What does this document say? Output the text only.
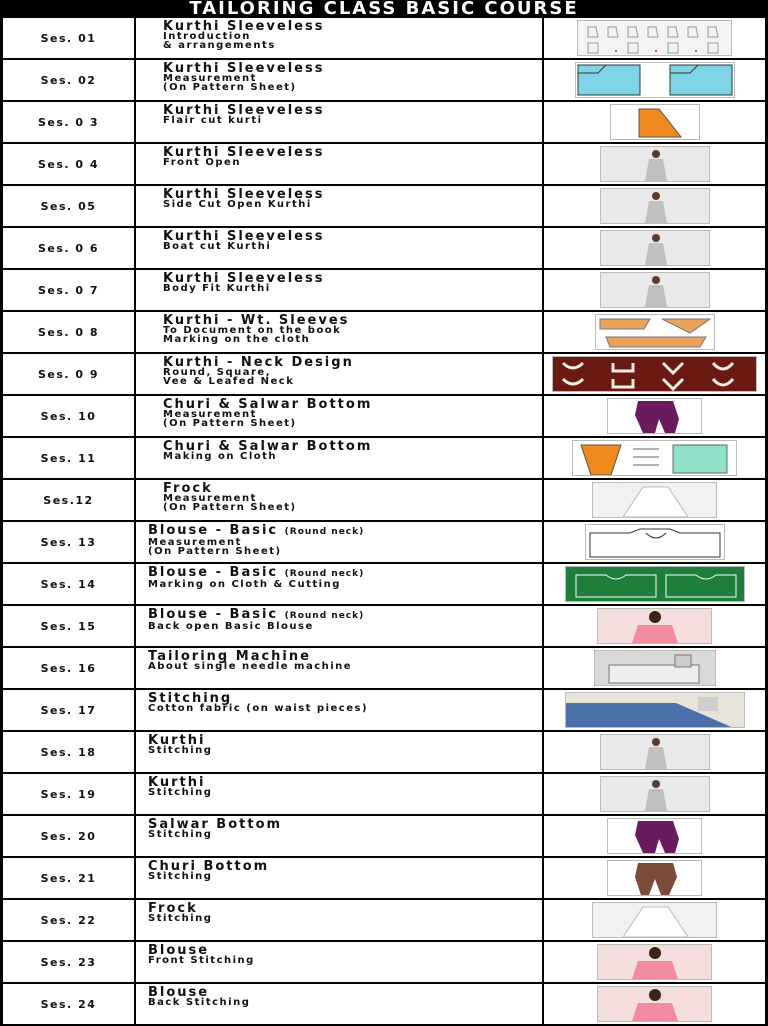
TAILORING CLASS BASIC COURSE
Ses. 01
Kurthi Sleeveless
Introduction
& arrangements
Ses. 02
Kurthi Sleeveless
Measurement
(On Pattern Sheet)
Ses. 0 3
Kurthi Sleeveless
Flair cut kurti
Ses. 0 4
Kurthi Sleeveless
Front Open
Ses. 05
Kurthi Sleeveless
Side Cut Open Kurthi
Ses. 0 6
Kurthi Sleeveless
Boat cut Kurthi
Ses. 0 7
Kurthi Sleeveless
Body Fit Kurthi
Ses. 0 8
Kurthi - Wt. Sleeves
To Document on the book
Marking on the cloth
Ses. 0 9
Kurthi - Neck Design
Round, Square,
Vee & Leafed Neck
Ses. 10
Churi & Salwar Bottom
Measurement
(On Pattern Sheet)
Ses. 11
Churi & Salwar Bottom
Making on Cloth
Ses.12
Frock
Measurement
(On Pattern Sheet)
Ses. 13
Blouse - Basic (Round neck)
Measurement
(On Pattern Sheet)
Ses. 14
Blouse - Basic (Round neck)
Marking on Cloth & Cutting
Ses. 15
Blouse - Basic (Round neck)
Back open Basic Blouse
Ses. 16
Tailoring Machine
About single needle machine
Ses. 17
Stitching
Cotton fabric (on waist pieces)
Ses. 18
Kurthi
Stitching
Ses. 19
Kurthi
Stitching
Ses. 20
Salwar Bottom
Stitching
Ses. 21
Churi Bottom
Stitching
Ses. 22
Frock
Stitching
Ses. 23
Blouse
Front Stitching
Ses. 24
Blouse
Back Stitching
